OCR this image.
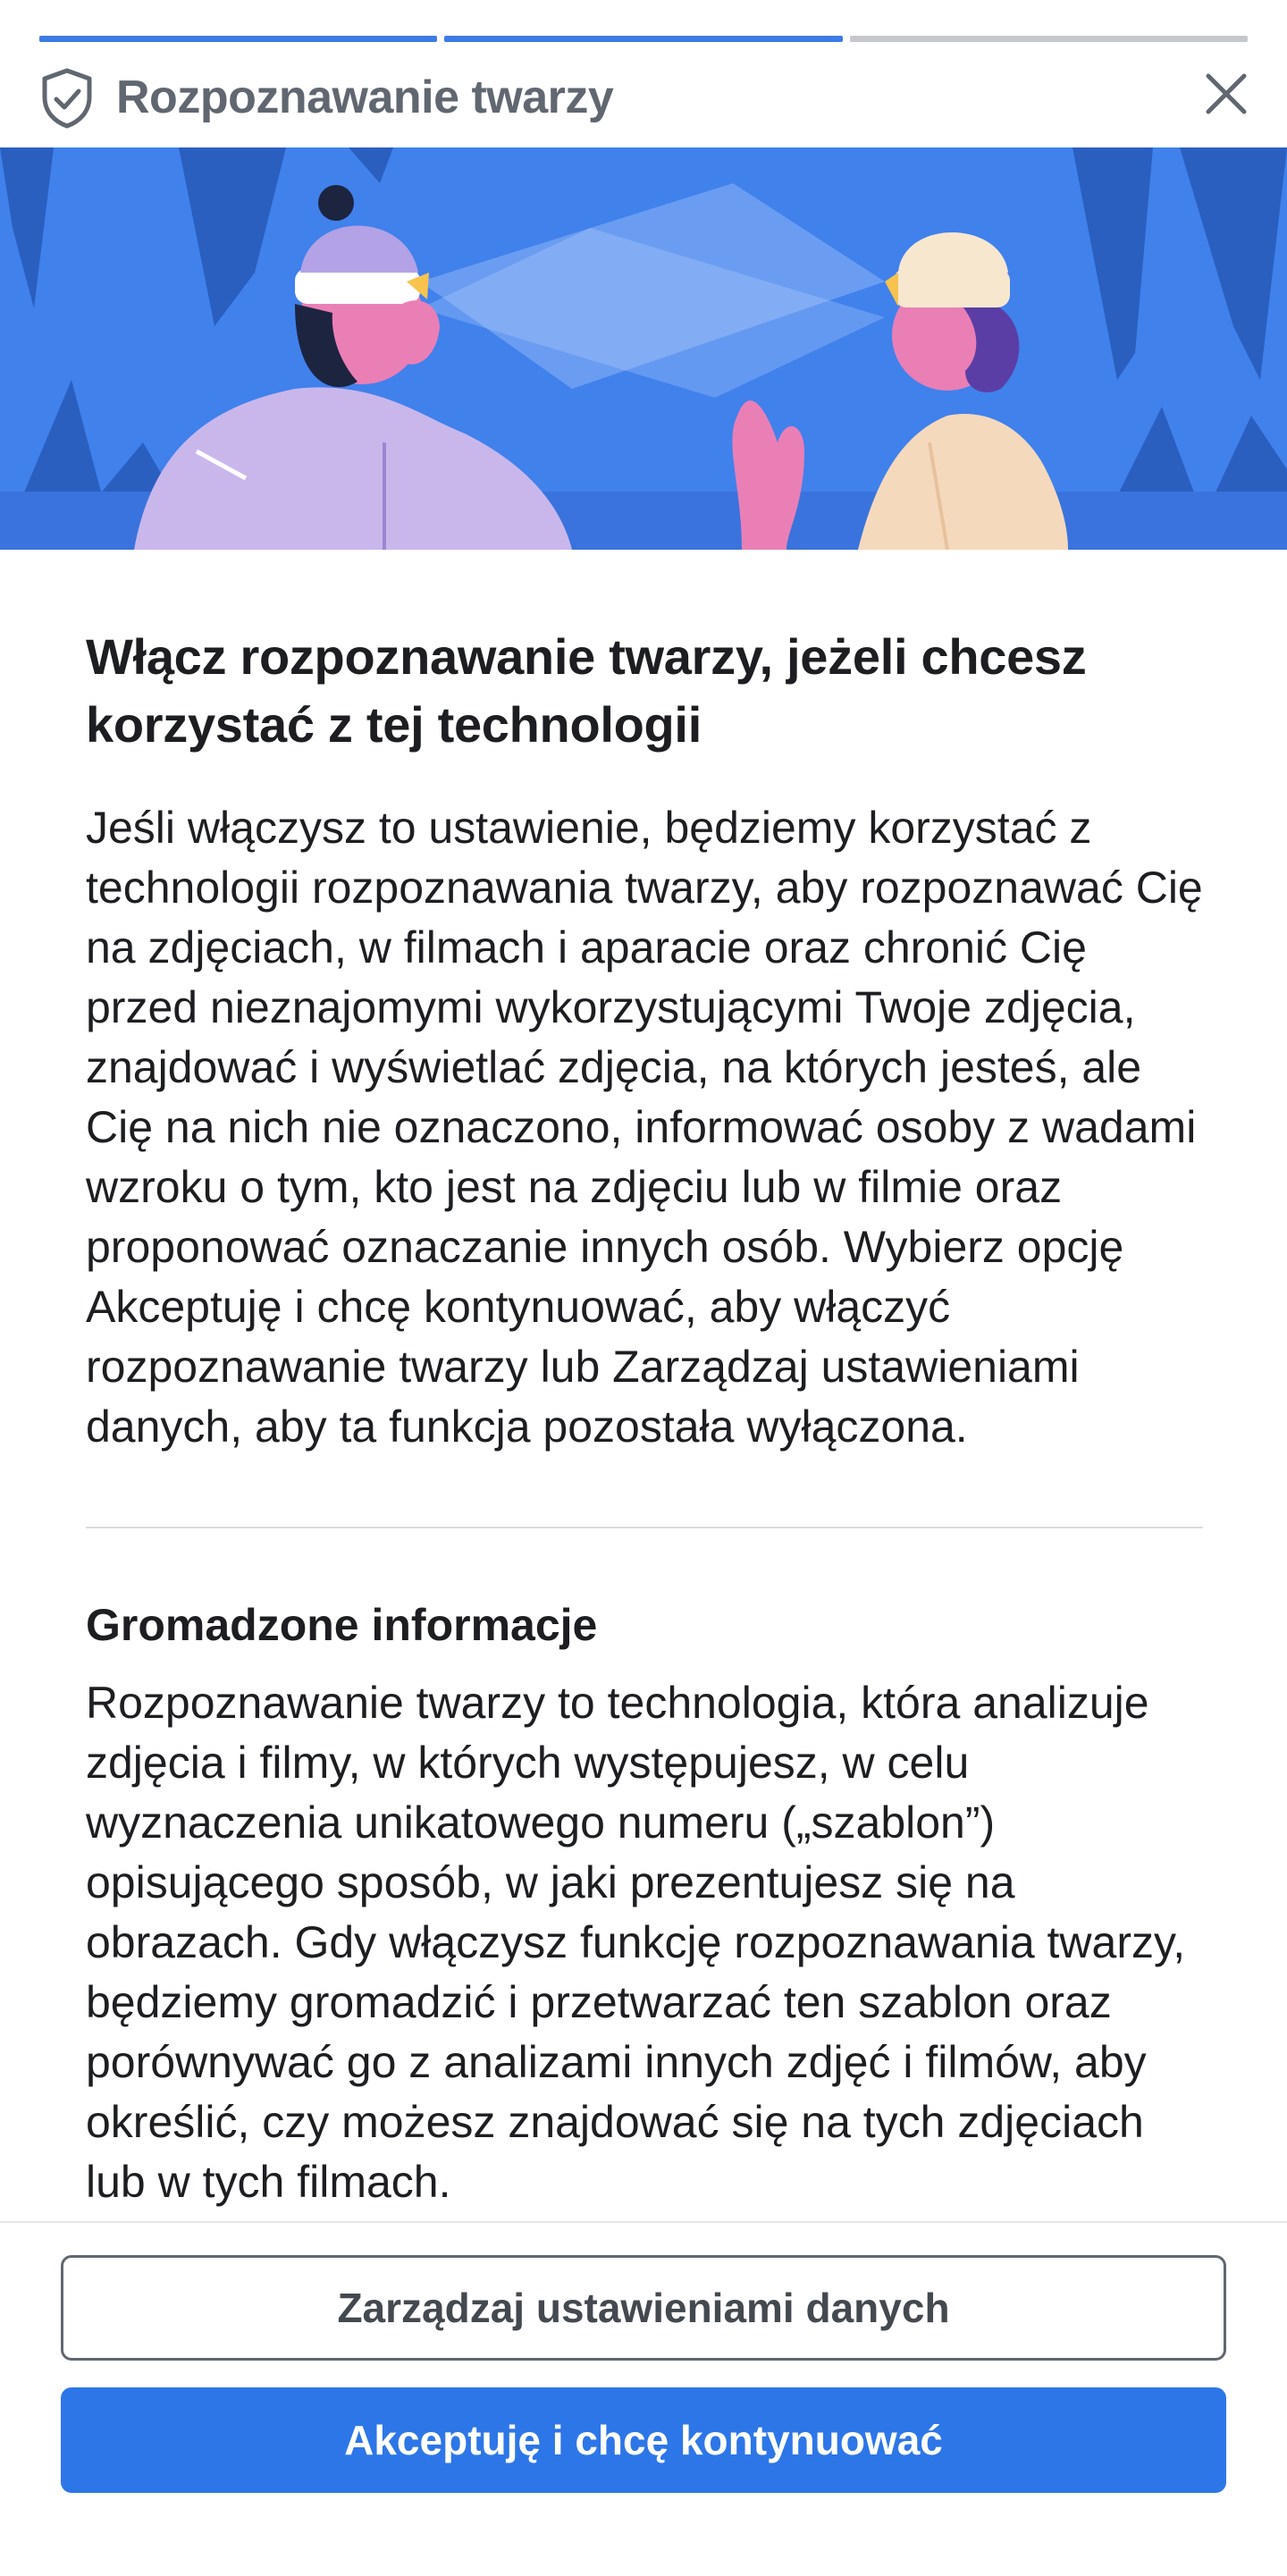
Rozpoznawanie twarzy
Włącz rozpoznawanie twarzy, jeżeli chcesz korzystać z tej technologii

Jeśli włączysz to ustawienie, będziemy korzystać z technologii rozpoznawania twarzy, aby rozpoznawać Cię na zdjęciach, w filmach i aparacie oraz chronić Cię przed nieznajomymi wykorzystującymi Twoje zdjęcia, znajdować i wyświetlać zdjęcia, na których jesteś, ale Cię na nich nie oznaczono, informować osoby z wadami wzroku o tym, kto jest na zdjęciu lub w filmie oraz proponować oznaczanie innych osób. Wybierz opcję Akceptuję i chcę kontynuować, aby włączyć rozpoznawanie twarzy lub Zarządzaj ustawieniami danych, aby ta funkcja pozostała wyłączona.

Gromadzone informacje

Rozpoznawanie twarzy to technologia, która analizuje zdjęcia i filmy, w których występujesz, w celu wyznaczenia unikatowego numeru („szablon”) opisującego sposób, w jaki prezentujesz się na obrazach. Gdy włączysz funkcję rozpoznawania twarzy, będziemy gromadzić i przetwarzać ten szablon oraz porównywać go z analizami innych zdjęć i filmów, aby określić, czy możesz znajdować się na tych zdjęciach lub w tych filmach.

Zarządzaj ustawieniami danych
Akceptuję i chcę kontynuować
